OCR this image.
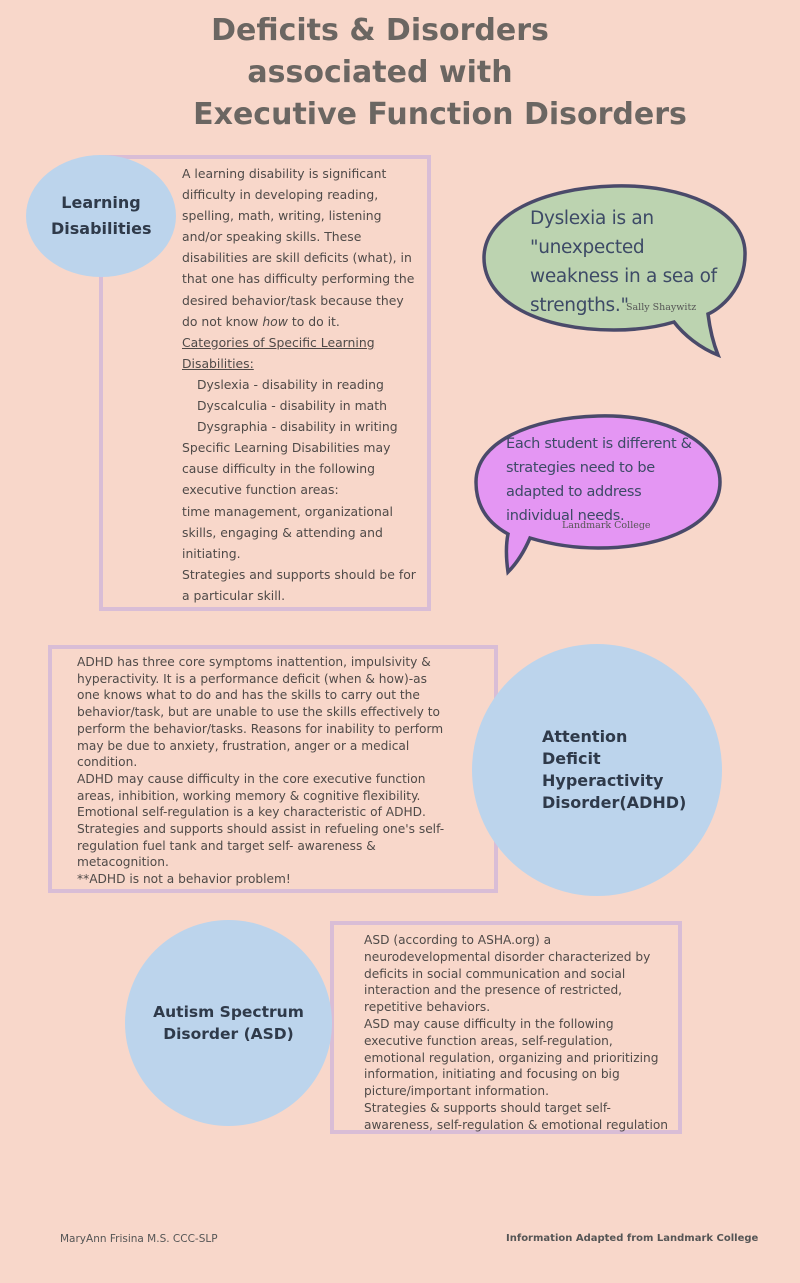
Deficits & Disorders
associated with
Executive Function Disorders
Learning Disabilities

A learning disability is significant difficulty in developing reading, spelling, math, writing, listening and/or speaking skills. These disabilities are skill deficits (what), in that one has difficulty performing the desired behavior/task because they do not know how to do it.

Categories of Specific Learning Disabilities:

Dyslexia - disability in reading

Dyscalculia - disability in math

Dysgraphia - disability in writing

Specific Learning Disabilities may cause difficulty in the following executive function areas:

time management, organizational skills, engaging & attending and initiating.

Strategies and supports should be for a particular skill.

Dyslexia is an "unexpected weakness in a sea of strengths."
Sally Shaywitz
Each student is different & strategies need to be adapted to address individual needs.
Landmark College

ADHD has three core symptoms inattention, impulsivity & hyperactivity. It is a performance deficit (when & how)-as one knows what to do and has the skills to carry out the behavior/task, but are unable to use the skills effectively to perform the behavior/tasks. Reasons for inability to perform may be due to anxiety, frustration, anger or a medical condition.

ADHD may cause difficulty in the core executive function areas, inhibition, working memory & cognitive flexibility.

Emotional self-regulation is a key characteristic of ADHD.

Strategies and supports should assist in refueling one's self-regulation fuel tank and target self- awareness & metacognition.

**ADHD is not a behavior problem!

Attention Deficit Hyperactivity Disorder(ADHD)
Autism Spectrum Disorder (ASD)

ASD (according to ASHA.org) a neurodevelopmental disorder characterized by deficits in social communication and social interaction and the presence of restricted, repetitive behaviors.

ASD may cause difficulty in the following executive function areas, self-regulation, emotional regulation, organizing and prioritizing information, initiating and focusing on big picture/important information.

Strategies & supports should target self-awareness, self-regulation & emotional regulation

MaryAnn Frisina M.S. CCC-SLP	Information Adapted from Landmark College
